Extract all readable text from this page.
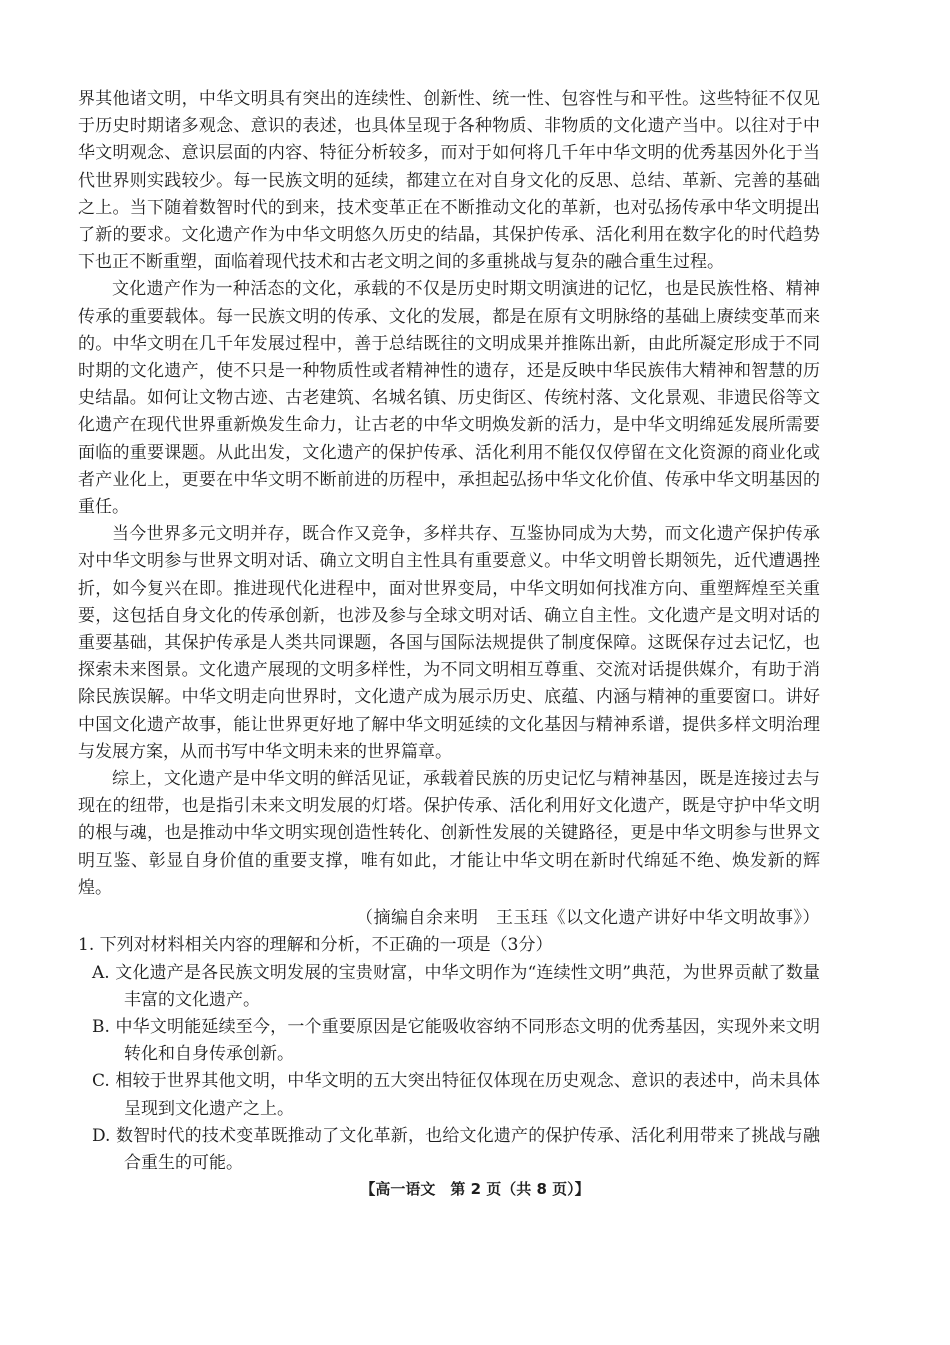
界其他诸文明，中华文明具有突出的连续性、创新性、统一性、包容性与和平性。这些特征不仅见于历史时期诸多观念、意识的表述，也具体呈现于各种物质、非物质的文化遗产当中。以往对于中华文明观念、意识层面的内容、特征分析较多，而对于如何将几千年中华文明的优秀基因外化于当代世界则实践较少。每一民族文明的延续，都建立在对自身文化的反思、总结、革新、完善的基础之上。当下随着数智时代的到来，技术变革正在不断推动文化的革新，也对弘扬传承中华文明提出了新的要求。文化遗产作为中华文明悠久历史的结晶，其保护传承、活化利用在数字化的时代趋势下也正不断重塑，面临着现代技术和古老文明之间的多重挑战与复杂的融合重生过程。

文化遗产作为一种活态的文化，承载的不仅是历史时期文明演进的记忆，也是民族性格、精神传承的重要载体。每一民族文明的传承、文化的发展，都是在原有文明脉络的基础上赓续变革而来的。中华文明在几千年发展过程中，善于总结既往的文明成果并推陈出新，由此所凝定形成于不同时期的文化遗产，使不只是一种物质性或者精神性的遗存，还是反映中华民族伟大精神和智慧的历史结晶。如何让文物古迹、古老建筑、名城名镇、历史街区、传统村落、文化景观、非遗民俗等文化遗产在现代世界重新焕发生命力，让古老的中华文明焕发新的活力，是中华文明绵延发展所需要面临的重要课题。从此出发，文化遗产的保护传承、活化利用不能仅仅停留在文化资源的商业化或者产业化上，更要在中华文明不断前进的历程中，承担起弘扬中华文化价值、传承中华文明基因的重任。

当今世界多元文明并存，既合作又竞争，多样共存、互鉴协同成为大势，而文化遗产保护传承对中华文明参与世界文明对话、确立文明自主性具有重要意义。中华文明曾长期领先，近代遭遇挫折，如今复兴在即。推进现代化进程中，面对世界变局，中华文明如何找准方向、重塑辉煌至关重要，这包括自身文化的传承创新，也涉及参与全球文明对话、确立自主性。文化遗产是文明对话的重要基础，其保护传承是人类共同课题，各国与国际法规提供了制度保障。这既保存过去记忆，也探索未来图景。文化遗产展现的文明多样性，为不同文明相互尊重、交流对话提供媒介，有助于消除民族误解。中华文明走向世界时，文化遗产成为展示历史、底蕴、内涵与精神的重要窗口。讲好中国文化遗产故事，能让世界更好地了解中华文明延续的文化基因与精神系谱，提供多样文明治理与发展方案，从而书写中华文明未来的世界篇章。

综上，文化遗产是中华文明的鲜活见证，承载着民族的历史记忆与精神基因，既是连接过去与现在的纽带，也是指引未来文明发展的灯塔。保护传承、活化利用好文化遗产，既是守护中华文明的根与魂，也是推动中华文明实现创造性转化、创新性发展的关键路径，更是中华文明参与世界文明互鉴、彰显自身价值的重要支撑，唯有如此，才能让中华文明在新时代绵延不绝、焕发新的辉煌。

（摘编自余来明　王玉珏《以文化遗产讲好中华文明故事》）

1. 下列对材料相关内容的理解和分析，不正确的一项是（3分）

A. 文化遗产是各民族文明发展的宝贵财富，中华文明作为“连续性文明”典范，为世界贡献了数量丰富的文化遗产。

B. 中华文明能延续至今，一个重要原因是它能吸收容纳不同形态文明的优秀基因，实现外来文明转化和自身传承创新。

C. 相较于世界其他文明，中华文明的五大突出特征仅体现在历史观念、意识的表述中，尚未具体呈现到文化遗产之上。

D. 数智时代的技术变革既推动了文化革新，也给文化遗产的保护传承、活化利用带来了挑战与融合重生的可能。

【高一语文　第 2 页（共 8 页）】
